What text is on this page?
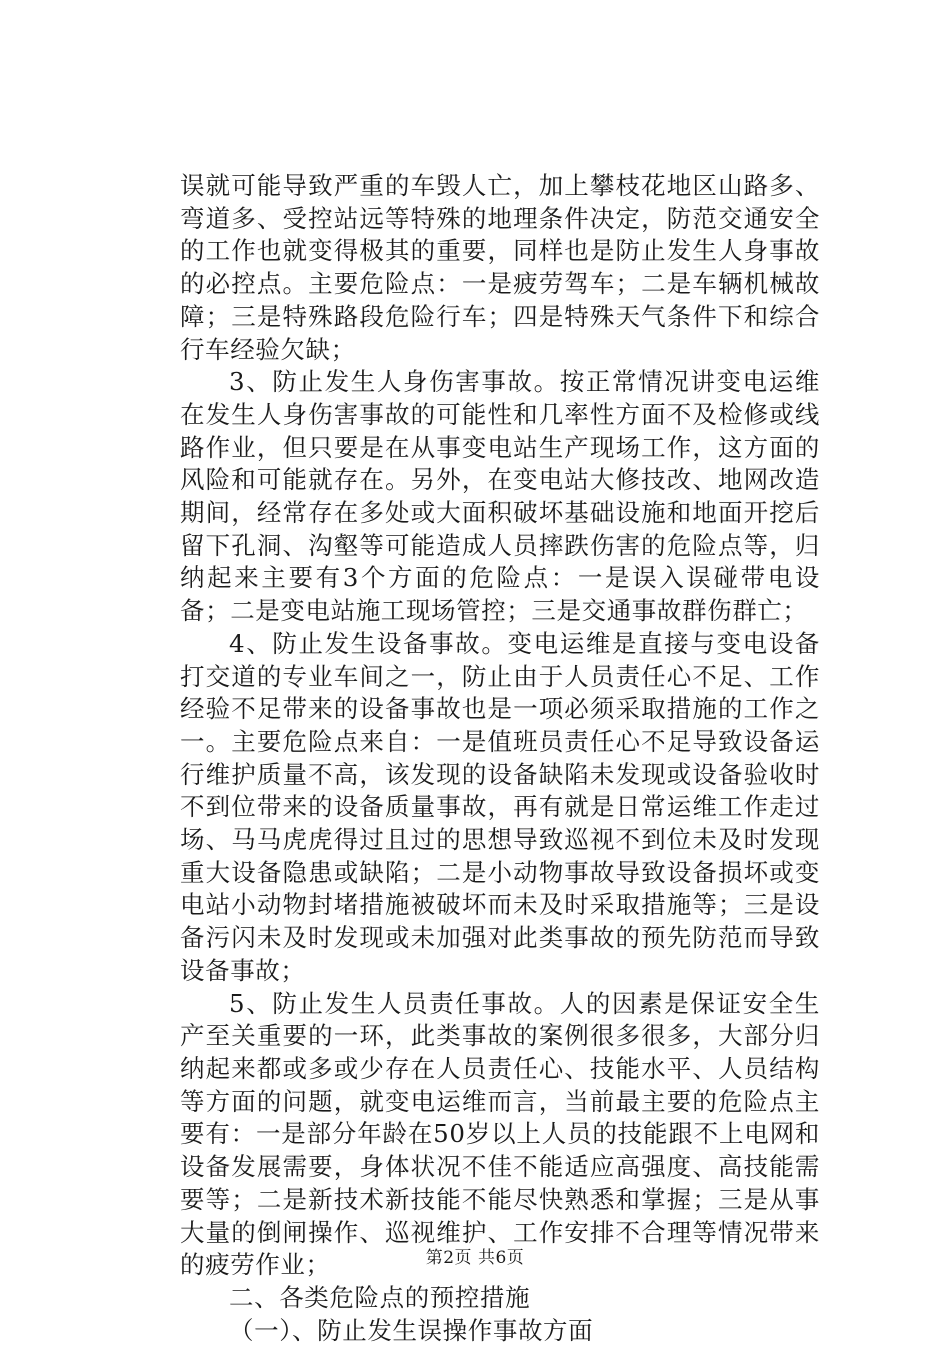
误就可能导致严重的车毁人亡，加上攀枝花地区山路多、弯道多、受控站远等特殊的地理条件决定，防范交通安全的工作也就变得极其的重要，同样也是防止发生人身事故的必控点。主要危险点：一是疲劳驾车；二是车辆机械故障；三是特殊路段危险行车；四是特殊天气条件下和综合行车经验欠缺；

3、防止发生人身伤害事故。按正常情况讲变电运维在发生人身伤害事故的可能性和几率性方面不及检修或线路作业，但只要是在从事变电站生产现场工作，这方面的风险和可能就存在。另外，在变电站大修技改、地网改造期间，经常存在多处或大面积破坏基础设施和地面开挖后留下孔洞、沟壑等可能造成人员摔跌伤害的危险点等，归纳起来主要有3个方面的危险点：一是误入误碰带电设备；二是变电站施工现场管控；三是交通事故群伤群亡；

4、防止发生设备事故。变电运维是直接与变电设备打交道的专业车间之一，防止由于人员责任心不足、工作经验不足带来的设备事故也是一项必须采取措施的工作之一。主要危险点来自：一是值班员责任心不足导致设备运行维护质量不高，该发现的设备缺陷未发现或设备验收时不到位带来的设备质量事故，再有就是日常运维工作走过场、马马虎虎得过且过的思想导致巡视不到位未及时发现重大设备隐患或缺陷；二是小动物事故导致设备损坏或变电站小动物封堵措施被破坏而未及时采取措施等；三是设备污闪未及时发现或未加强对此类事故的预先防范而导致设备事故；

5、防止发生人员责任事故。人的因素是保证安全生产至关重要的一环，此类事故的案例很多很多，大部分归纳起来都或多或少存在人员责任心、技能水平、人员结构等方面的问题，就变电运维而言，当前最主要的危险点主要有：一是部分年龄在50岁以上人员的技能跟不上电网和设备发展需要，身体状况不佳不能适应高强度、高技能需要等；二是新技术新技能不能尽快熟悉和掌握；三是从事大量的倒闸操作、巡视维护、工作安排不合理等情况带来的疲劳作业；

二、各类危险点的预控措施

（一）、防止发生误操作事故方面

第2页 共6页
